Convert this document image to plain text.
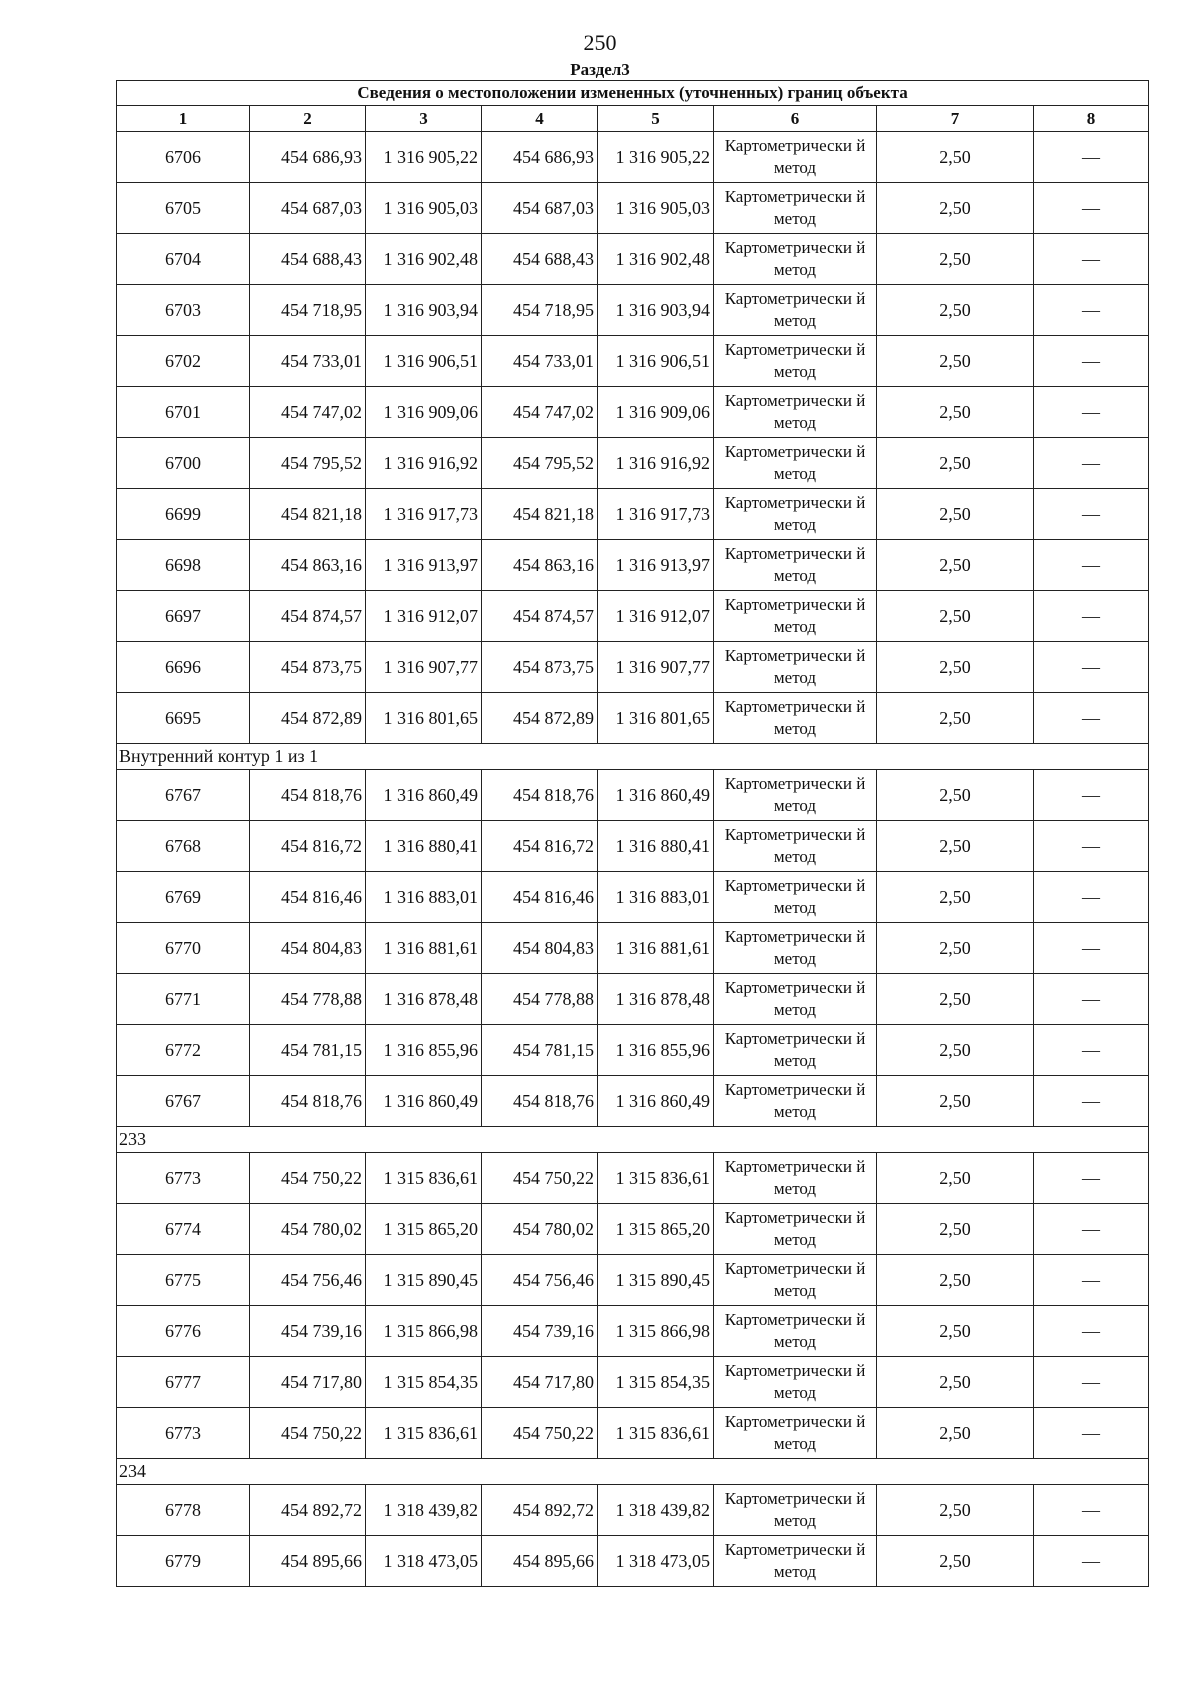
250
Раздел3
Сведения о местоположении измененных (уточненных) границ объекта							
1	2	3	4	5	6	7	8
6706	454 686,93	1 316 905,22	454 686,93	1 316 905,22	Картометрически й метод	2,50	—
6705	454 687,03	1 316 905,03	454 687,03	1 316 905,03	Картометрически й метод	2,50	—
6704	454 688,43	1 316 902,48	454 688,43	1 316 902,48	Картометрически й метод	2,50	—
6703	454 718,95	1 316 903,94	454 718,95	1 316 903,94	Картометрически й метод	2,50	—
6702	454 733,01	1 316 906,51	454 733,01	1 316 906,51	Картометрически й метод	2,50	—
6701	454 747,02	1 316 909,06	454 747,02	1 316 909,06	Картометрически й метод	2,50	—
6700	454 795,52	1 316 916,92	454 795,52	1 316 916,92	Картометрически й метод	2,50	—
6699	454 821,18	1 316 917,73	454 821,18	1 316 917,73	Картометрически й метод	2,50	—
6698	454 863,16	1 316 913,97	454 863,16	1 316 913,97	Картометрически й метод	2,50	—
6697	454 874,57	1 316 912,07	454 874,57	1 316 912,07	Картометрически й метод	2,50	—
6696	454 873,75	1 316 907,77	454 873,75	1 316 907,77	Картометрически й метод	2,50	—
6695	454 872,89	1 316 801,65	454 872,89	1 316 801,65	Картометрически й метод	2,50	—
Внутренний контур 1 из 1							
6767	454 818,76	1 316 860,49	454 818,76	1 316 860,49	Картометрически й метод	2,50	—
6768	454 816,72	1 316 880,41	454 816,72	1 316 880,41	Картометрически й метод	2,50	—
6769	454 816,46	1 316 883,01	454 816,46	1 316 883,01	Картометрически й метод	2,50	—
6770	454 804,83	1 316 881,61	454 804,83	1 316 881,61	Картометрически й метод	2,50	—
6771	454 778,88	1 316 878,48	454 778,88	1 316 878,48	Картометрически й метод	2,50	—
6772	454 781,15	1 316 855,96	454 781,15	1 316 855,96	Картометрически й метод	2,50	—
6767	454 818,76	1 316 860,49	454 818,76	1 316 860,49	Картометрически й метод	2,50	—
233							
6773	454 750,22	1 315 836,61	454 750,22	1 315 836,61	Картометрически й метод	2,50	—
6774	454 780,02	1 315 865,20	454 780,02	1 315 865,20	Картометрически й метод	2,50	—
6775	454 756,46	1 315 890,45	454 756,46	1 315 890,45	Картометрически й метод	2,50	—
6776	454 739,16	1 315 866,98	454 739,16	1 315 866,98	Картометрически й метод	2,50	—
6777	454 717,80	1 315 854,35	454 717,80	1 315 854,35	Картометрически й метод	2,50	—
6773	454 750,22	1 315 836,61	454 750,22	1 315 836,61	Картометрически й метод	2,50	—
234							
6778	454 892,72	1 318 439,82	454 892,72	1 318 439,82	Картометрически й метод	2,50	—
6779	454 895,66	1 318 473,05	454 895,66	1 318 473,05	Картометрически й метод	2,50	—
